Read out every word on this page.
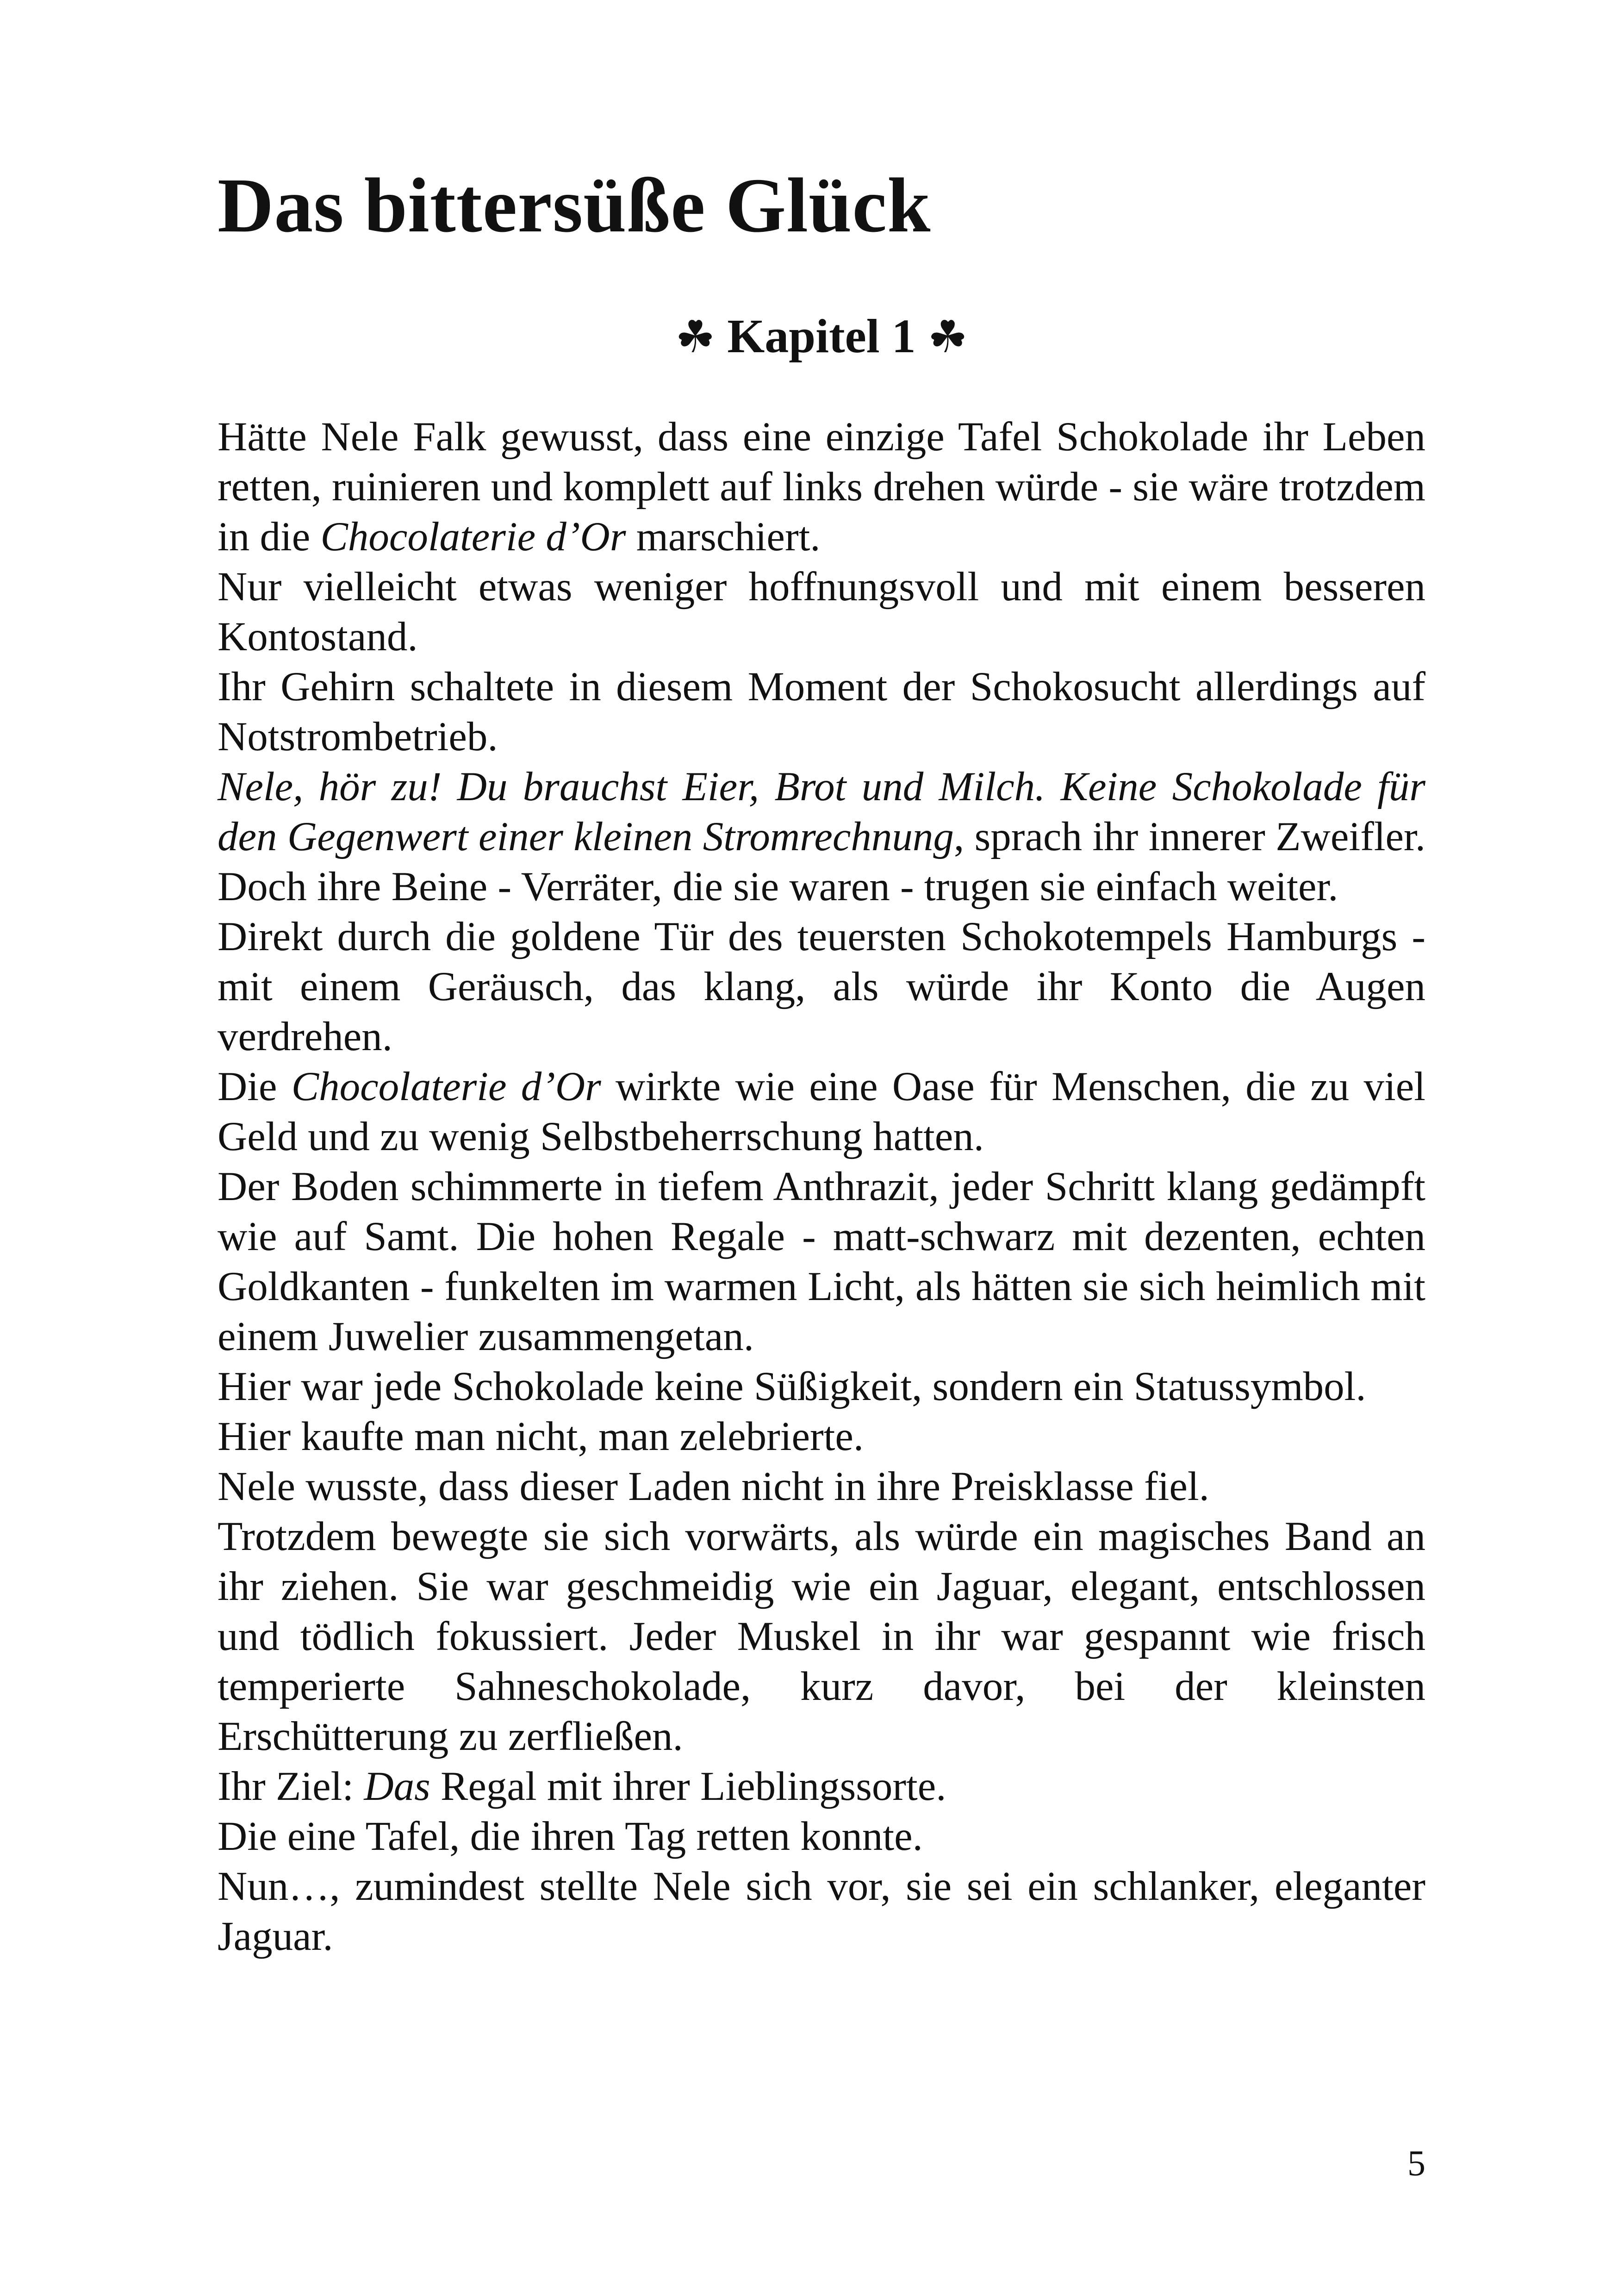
Das bittersüße Glück
☘ Kapitel 1 ☘

Hätte Nele Falk gewusst, dass eine einzige Tafel Schokolade ihr Leben retten, ruinieren und komplett auf links drehen würde - sie wäre trotzdem in die Chocolaterie d’Or marschiert.

Nur vielleicht etwas weniger hoffnungsvoll und mit einem besseren Kontostand.

Ihr Gehirn schaltete in diesem Moment der Schokosucht allerdings auf Notstrombetrieb.

Nele, hör zu! Du brauchst Eier, Brot und Milch. Keine Schokolade für den Gegenwert einer kleinen Stromrechnung, sprach ihr innerer Zweifler. Doch ihre Beine - Verräter, die sie waren - trugen sie einfach weiter.

Direkt durch die goldene Tür des teuersten Schokotempels Hamburgs - mit einem Geräusch, das klang, als würde ihr Konto die Augen verdrehen.

Die Chocolaterie d’Or wirkte wie eine Oase für Menschen, die zu viel Geld und zu wenig Selbstbeherrschung hatten.

Der Boden schimmerte in tiefem Anthrazit, jeder Schritt klang gedämpft wie auf Samt. Die hohen Regale - matt-schwarz mit dezenten, echten Goldkanten - funkelten im warmen Licht, als hätten sie sich heimlich mit einem Juwelier zusammengetan.

Hier war jede Schokolade keine Süßigkeit, sondern ein Statussymbol.

Hier kaufte man nicht, man zelebrierte.

Nele wusste, dass dieser Laden nicht in ihre Preisklasse fiel.

Trotzdem bewegte sie sich vorwärts, als würde ein magisches Band an ihr ziehen. Sie war geschmeidig wie ein Jaguar, elegant, entschlossen und tödlich fokussiert. Jeder Muskel in ihr war gespannt wie frisch temperierte Sahneschokolade, kurz davor, bei der kleinsten Erschütterung zu zerfließen.

Ihr Ziel: Das Regal mit ihrer Lieblingssorte.

Die eine Tafel, die ihren Tag retten konnte.

Nun…, zumindest stellte Nele sich vor, sie sei ein schlanker, eleganter Jaguar.

5
